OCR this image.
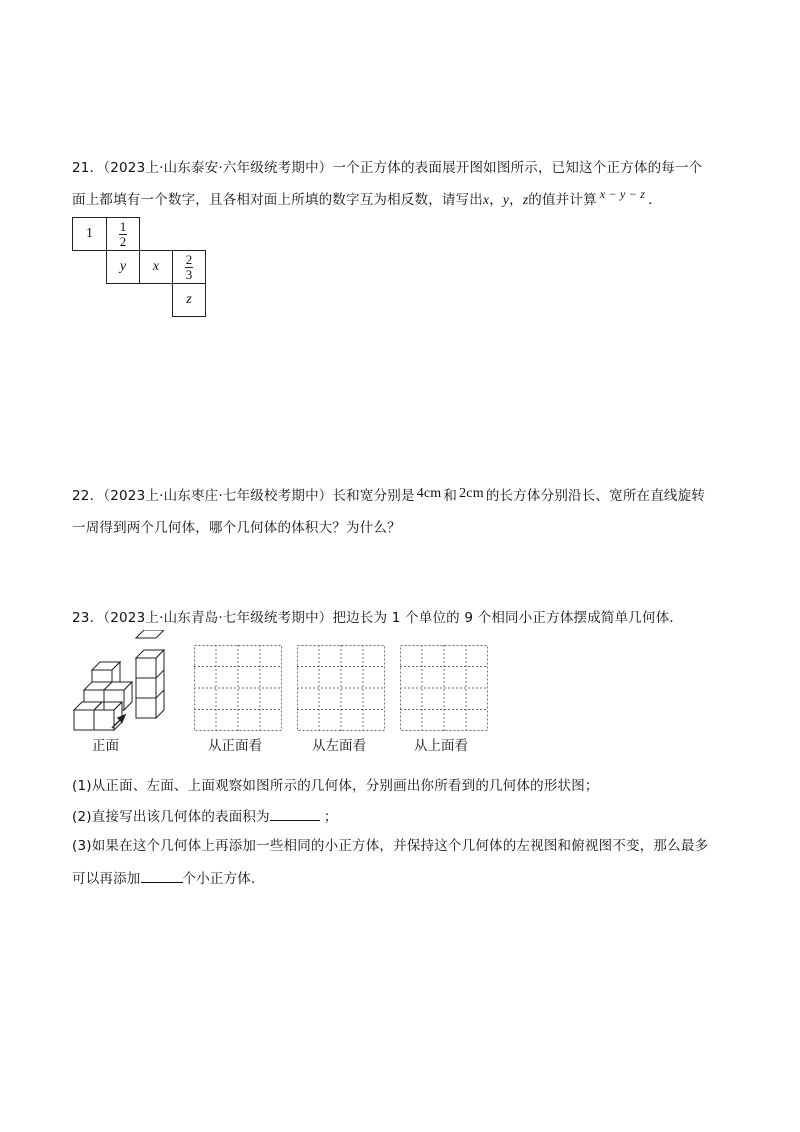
21．（2023上·山东泰安·六年级统考期中）一个正方体的表面展开图如图所示，已知这个正方体的每一个
面上都填有一个数字，且各相对面上所填的数字互为相反数，请写出x，y，z的值并计算 x − y − z ．
$1 \frac{1}{2}$
y x $\frac{2}{3}$
z
22．（2023上·山东枣庄·七年级校考期中）长和宽分别是 4cm 和 2cm 的长方体分别沿长、宽所在直线旋转
一周得到两个几何体，哪个几何体的体积大？为什么？
23．（2023上·山东青岛·七年级统考期中）把边长为 1 个单位的 9 个相同小正方体摆成简单几何体．
正面	从正面看	从左面看	从上面看
(1)从正面、左面、上面观察如图所示的几何体，分别画出你所看到的几何体的形状图；
(2)直接写出该几何体的表面积为	；
(3)如果在这个几何体上再添加一些相同的小正方体，并保持这个几何体的左视图和俯视图不变，那么最多
可以再添加	个小正方体．
